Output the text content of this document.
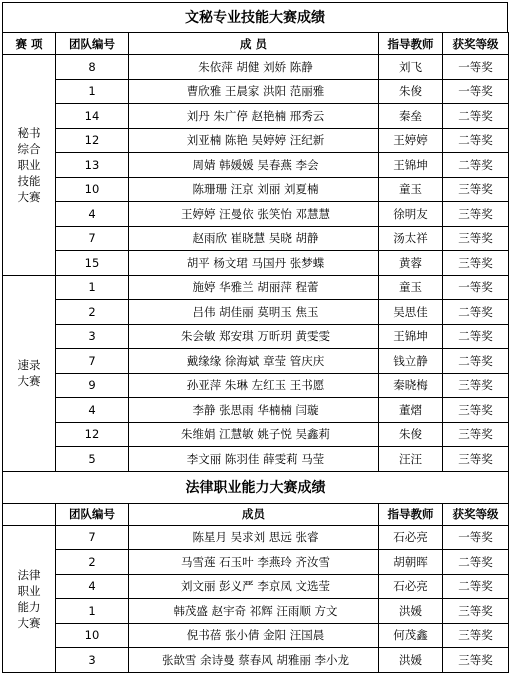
文秘专业技能大赛成绩
赛 项	团队编号	成 员	指导教师	获奖等级
秘书
综合
职业
技能
大赛	8	朱依萍 胡健 刘娇 陈静	刘飞	一等奖
	1	曹欣雅 王晨家 洪阳 范丽雅	朱俊	一等奖
	14	刘丹 朱广停 赵艳楠 邢秀云	秦垒	二等奖
	12	刘亚楠 陈艳 吴婷婷 汪纪新	王婷婷	二等奖
	13	周婧 韩媛媛 吴春燕 李会	王锦坤	二等奖
	10	陈珊珊 汪京 刘丽 刘夏楠	童玉	三等奖
	4	王婷婷 汪曼依 张笑怡 邓慧慧	徐明友	三等奖
	7	赵雨欣 崔晓慧 吴晓 胡静	汤太祥	三等奖
	15	胡平 杨文珺 马国丹 张梦蝶	黄蓉	三等奖
速录
大赛	1	施婷 华雅兰 胡丽萍 程蕾	童玉	一等奖
	2	吕伟 胡佳丽 莫明玉 焦玉	吴思佳	二等奖
	3	朱会敏 郑安琪 万昕玥 黄雯雯	王锦坤	二等奖
	7	戴缘缘 徐海斌 章莹 管庆庆	钱立静	二等奖
	9	孙亚萍 朱琳 左红玉 王书愿	秦晓梅	三等奖
	4	李静 张思雨 华楠楠 闫璇	董熠	三等奖
	12	朱维娟 江慧敏 姚子悦 吴鑫莉	朱俊	三等奖
	5	李文丽 陈羽佳 薛雯莉 马莹	汪汪	三等奖
法律职业能力大赛成绩				
	团队编号	成员	指导教师	获奖等级
法律
职业
能力
大赛	7	陈星月 吴求刘 思远 张睿	石必亮	一等奖
	2	马雪莲 石玉叶 李燕玲 齐汝雪	胡朝晖	二等奖
	4	刘文丽 彭义严 李京凤 文选莹	石必亮	二等奖
	1	韩茂盛 赵宇奇 祁辉 汪雨顺 方文	洪媛	三等奖
	10	倪书蓓 张小倩 金阳 汪国晨	何茂鑫	三等奖
	3	张歆雪 余诗曼 蔡春风 胡雅丽 李小龙	洪媛	三等奖
